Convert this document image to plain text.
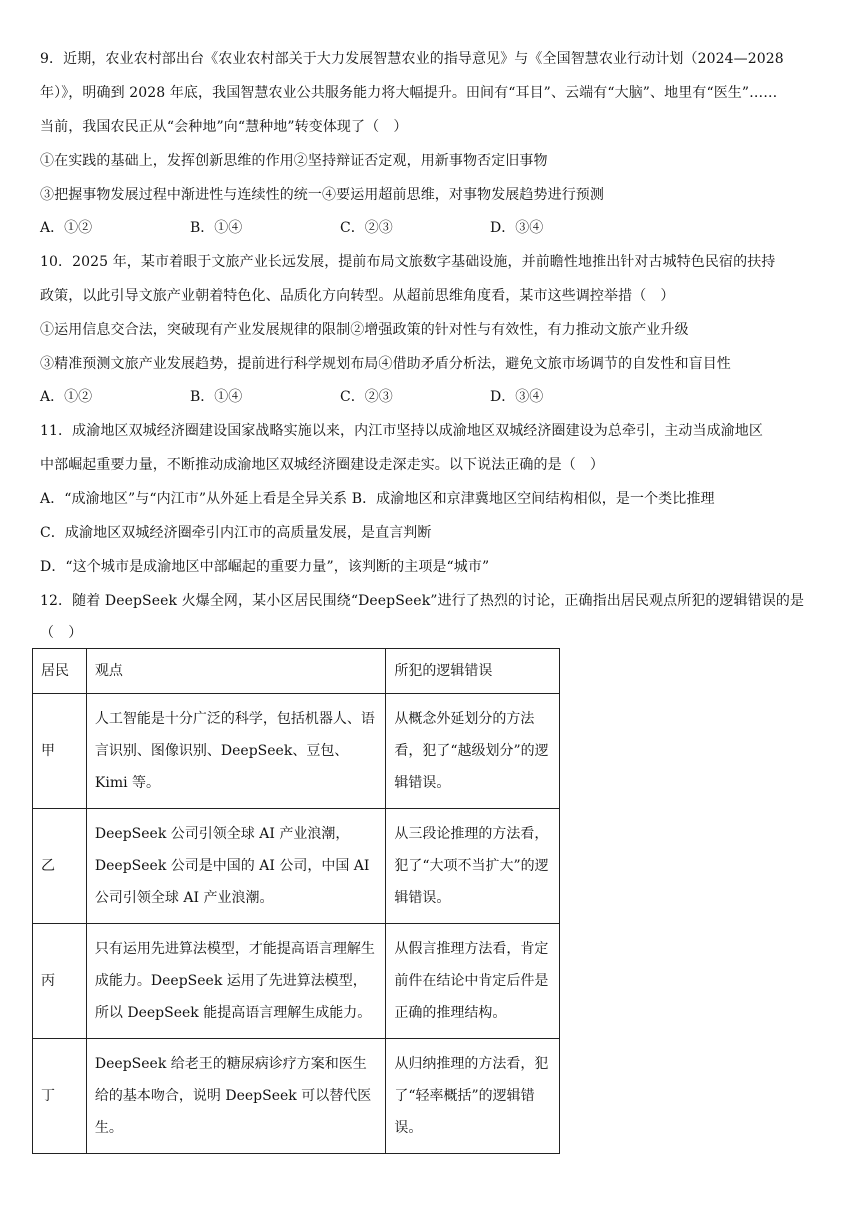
9．近期，农业农村部出台《农业农村部关于大力发展智慧农业的指导意见》与《全国智慧农业行动计划（2024—2028
年）》，明确到 2028 年底，我国智慧农业公共服务能力将大幅提升。田间有“耳目”、云端有“大脑”、地里有“医生”……
当前，我国农民正从“会种地”向“慧种地”转变体现了（　）
①在实践的基础上，发挥创新思维的作用②坚持辩证否定观，用新事物否定旧事物
③把握事物发展过程中渐进性与连续性的统一④要运用超前思维，对事物发展趋势进行预测
A．①②	B．①④	C．②③	D．③④
10．2025 年，某市着眼于文旅产业长远发展，提前布局文旅数字基础设施，并前瞻性地推出针对古城特色民宿的扶持
政策，以此引导文旅产业朝着特色化、品质化方向转型。从超前思维角度看，某市这些调控举措（　）
①运用信息交合法，突破现有产业发展规律的限制②增强政策的针对性与有效性，有力推动文旅产业升级
③精准预测文旅产业发展趋势，提前进行科学规划布局④借助矛盾分析法，避免文旅市场调节的自发性和盲目性
A．①②	B．①④	C．②③	D．③④
11．成渝地区双城经济圈建设国家战略实施以来，内江市坚持以成渝地区双城经济圈建设为总牵引，主动当成渝地区
中部崛起重要力量，不断推动成渝地区双城经济圈建设走深走实。以下说法正确的是（　）
A．“成渝地区”与“内江市”从外延上看是全异关系 B．成渝地区和京津冀地区空间结构相似，是一个类比推理
C．成渝地区双城经济圈牵引内江市的高质量发展，是直言判断
D．“这个城市是成渝地区中部崛起的重要力量”，该判断的主项是“城市”
12．随着 DeepSeek 火爆全网，某小区居民围绕“DeepSeek”进行了热烈的讨论，正确指出居民观点所犯的逻辑错误的是
（　）
居民	观点	所犯的逻辑错误
甲	人工智能是十分广泛的科学，包括机器人、语言识别、图像识别、DeepSeek、豆包、Kimi 等。	从概念外延划分的方法看，犯了“越级划分”的逻辑错误。
乙	DeepSeek 公司引领全球 AI 产业浪潮，DeepSeek 公司是中国的 AI 公司，中国 AI 公司引领全球 AI 产业浪潮。	从三段论推理的方法看，犯了“大项不当扩大”的逻辑错误。
丙	只有运用先进算法模型，才能提高语言理解生成能力。DeepSeek 运用了先进算法模型，所以 DeepSeek 能提高语言理解生成能力。	从假言推理方法看，肯定前件在结论中肯定后件是正确的推理结构。
丁	DeepSeek 给老王的糖尿病诊疗方案和医生给的基本吻合，说明 DeepSeek 可以替代医生。	从归纳推理的方法看，犯了“轻率概括”的逻辑错误。
